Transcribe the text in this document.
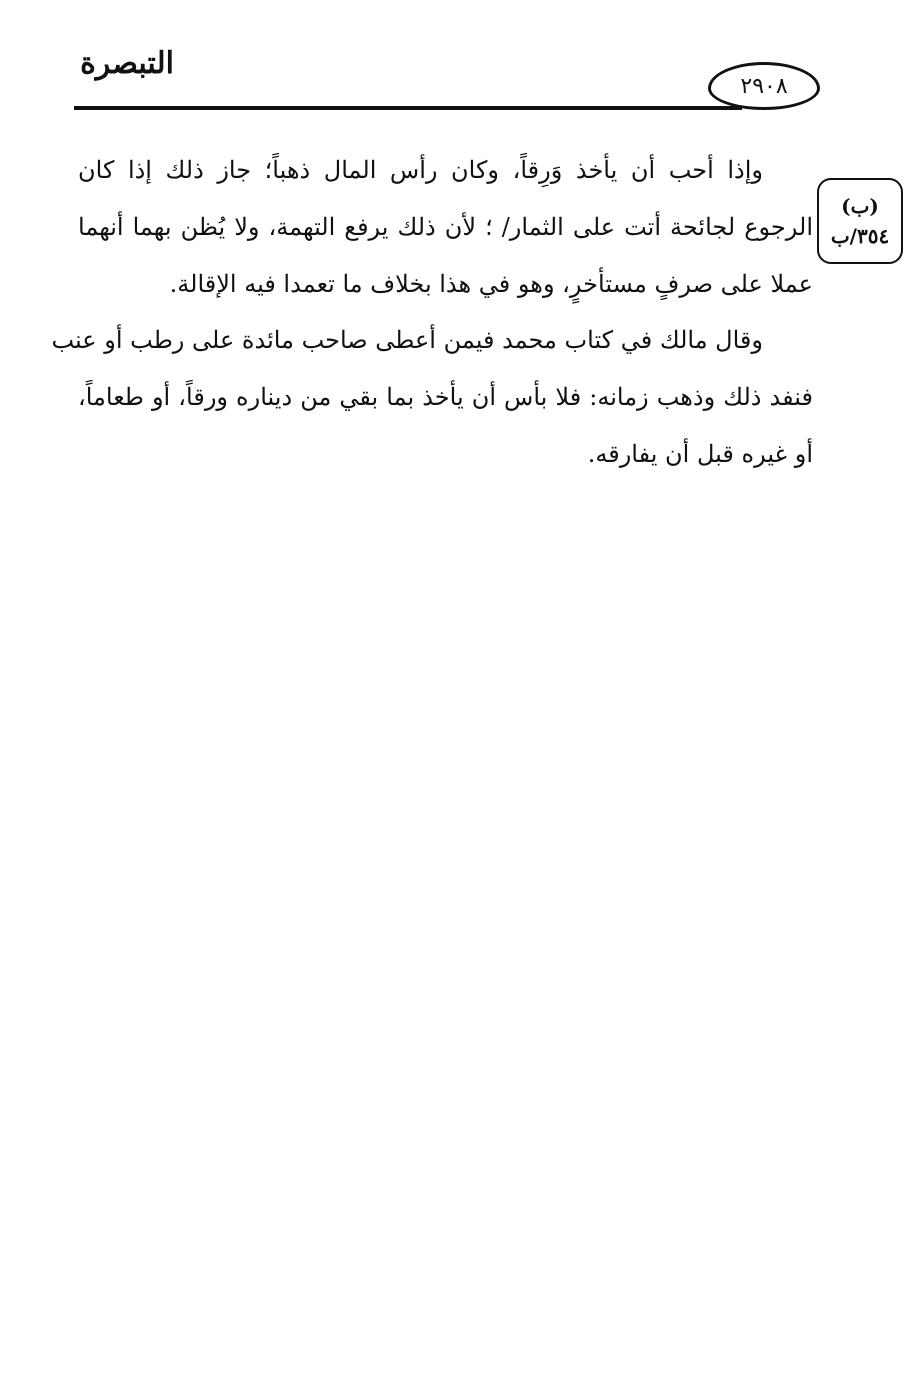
التبصرة
٢٩٠٨
(ب)
٣٥٤/ب
وإذا أحب أن يأخذ وَرِقاً، وكان رأس المال ذهباً؛ جاز ذلك إذا كان
الرجوع لجائحة أتت على الثمار/ ؛ لأن ذلك يرفع التهمة، ولا يُظن بهما أنهما
عملا على صرفٍ مستأخرٍ، وهو في هذا بخلاف ما تعمدا فيه الإقالة.
وقال مالك في كتاب محمد فيمن أعطى صاحب مائدة على رطب أو عنب
فنفد ذلك وذهب زمانه: فلا بأس أن يأخذ بما بقي من ديناره ورقاً، أو طعاماً،
أو غيره قبل أن يفارقه.
